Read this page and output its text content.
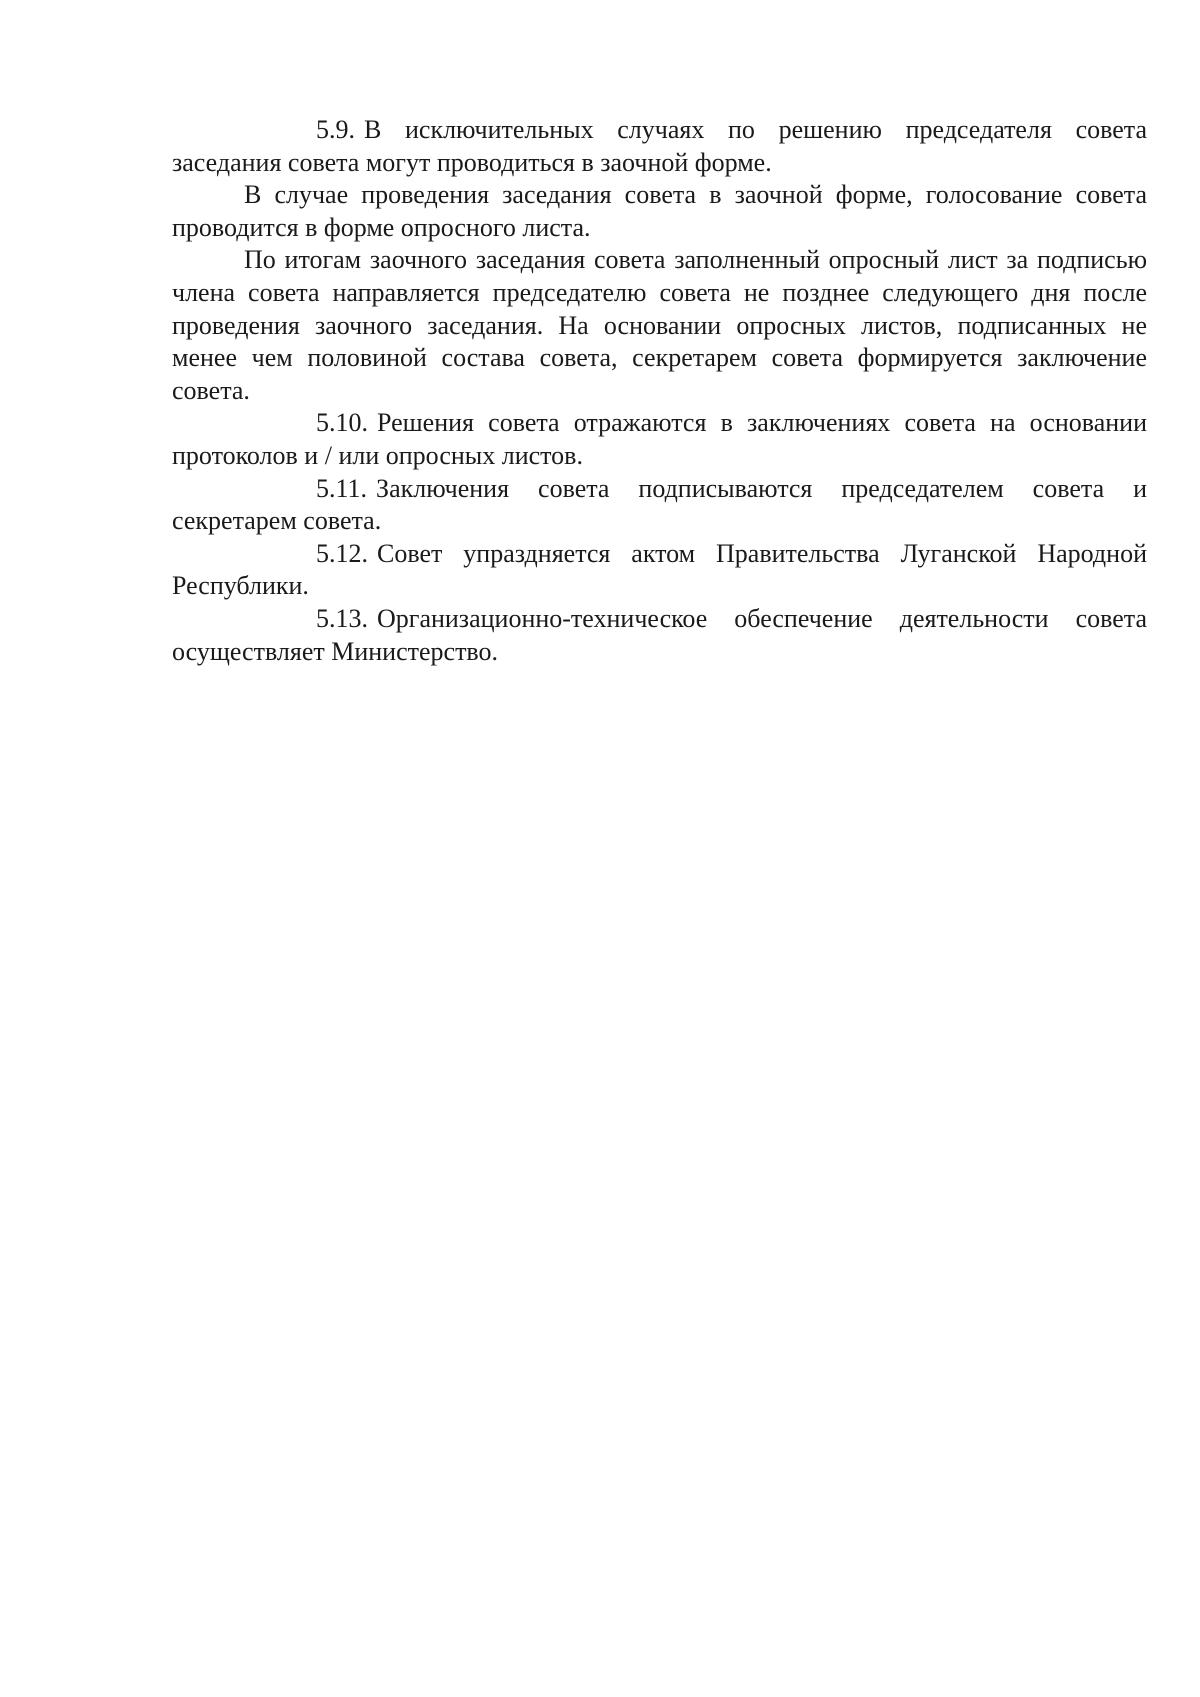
5.9. В исключительных случаях по решению председателя совета заседания совета могут проводиться в заочной форме.

В случае проведения заседания совета в заочной форме, голосование совета проводится в форме опросного листа.

По итогам заочного заседания совета заполненный опросный лист за подписью члена совета направляется председателю совета не позднее следующего дня после проведения заочного заседания. На основании опросных листов, подписанных не менее чем половиной состава совета, секретарем совета формируется заключение совета.

5.10. Решения совета отражаются в заключениях совета на основании протоколов и / или опросных листов.

5.11. Заключения совета подписываются председателем совета и секретарем совета.

5.12. Совет упраздняется актом Правительства Луганской Народной Республики.

5.13. Организационно-техническое обеспечение деятельности совета осуществляет Министерство.
